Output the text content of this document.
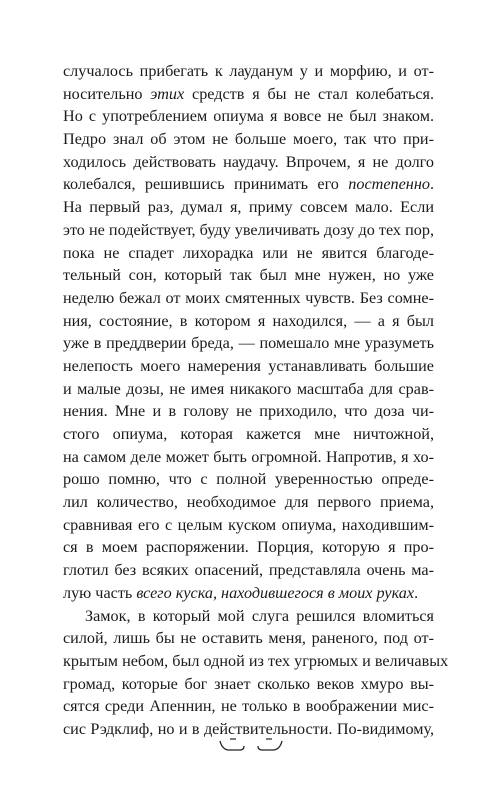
случалось прибегать к лауданум у и морфию, и от-
носительно этих средств я бы не стал колебаться.
Но с употреблением опиума я вовсе не был знаком.
Педро знал об этом не больше моего, так что при-
ходилось действовать наудачу. Впрочем, я не долго
колебался, решившись принимать его постепенно.
На первый раз, думал я, приму совсем мало. Если
это не подействует, буду увеличивать дозу до тех пор,
пока не спадет лихорадка или не явится благоде-
тельный сон, который так был мне нужен, но уже
неделю бежал от моих смятенных чувств. Без сомне-
ния, состояние, в котором я находился, — а я был
уже в преддверии бреда, — помешало мне уразуметь
нелепость моего намерения устанавливать большие
и малые дозы, не имея никакого масштаба для срав-
нения. Мне и в голову не приходило, что доза чи-
стого опиума, которая кажется мне ничтожной,
на самом деле может быть огромной. Напротив, я хо-
рошо помню, что с полной уверенностью опреде-
лил количество, необходимое для первого приема,
сравнивая его с целым куском опиума, находившим-
ся в моем распоряжении. Порция, которую я про-
глотил без всяких опасений, представляла очень ма-
лую часть всего куска, находившегося в моих руках.
Замок, в который мой слуга решился вломиться
силой, лишь бы не оставить меня, раненого, под от-
крытым небом, был одной из тех угрюмых и величавых
громад, которые бог знает сколько веков хмуро вы-
сятся среди Апеннин, не только в воображении мис-
сис Рэдклиф, но и в действительности. По-видимому,
